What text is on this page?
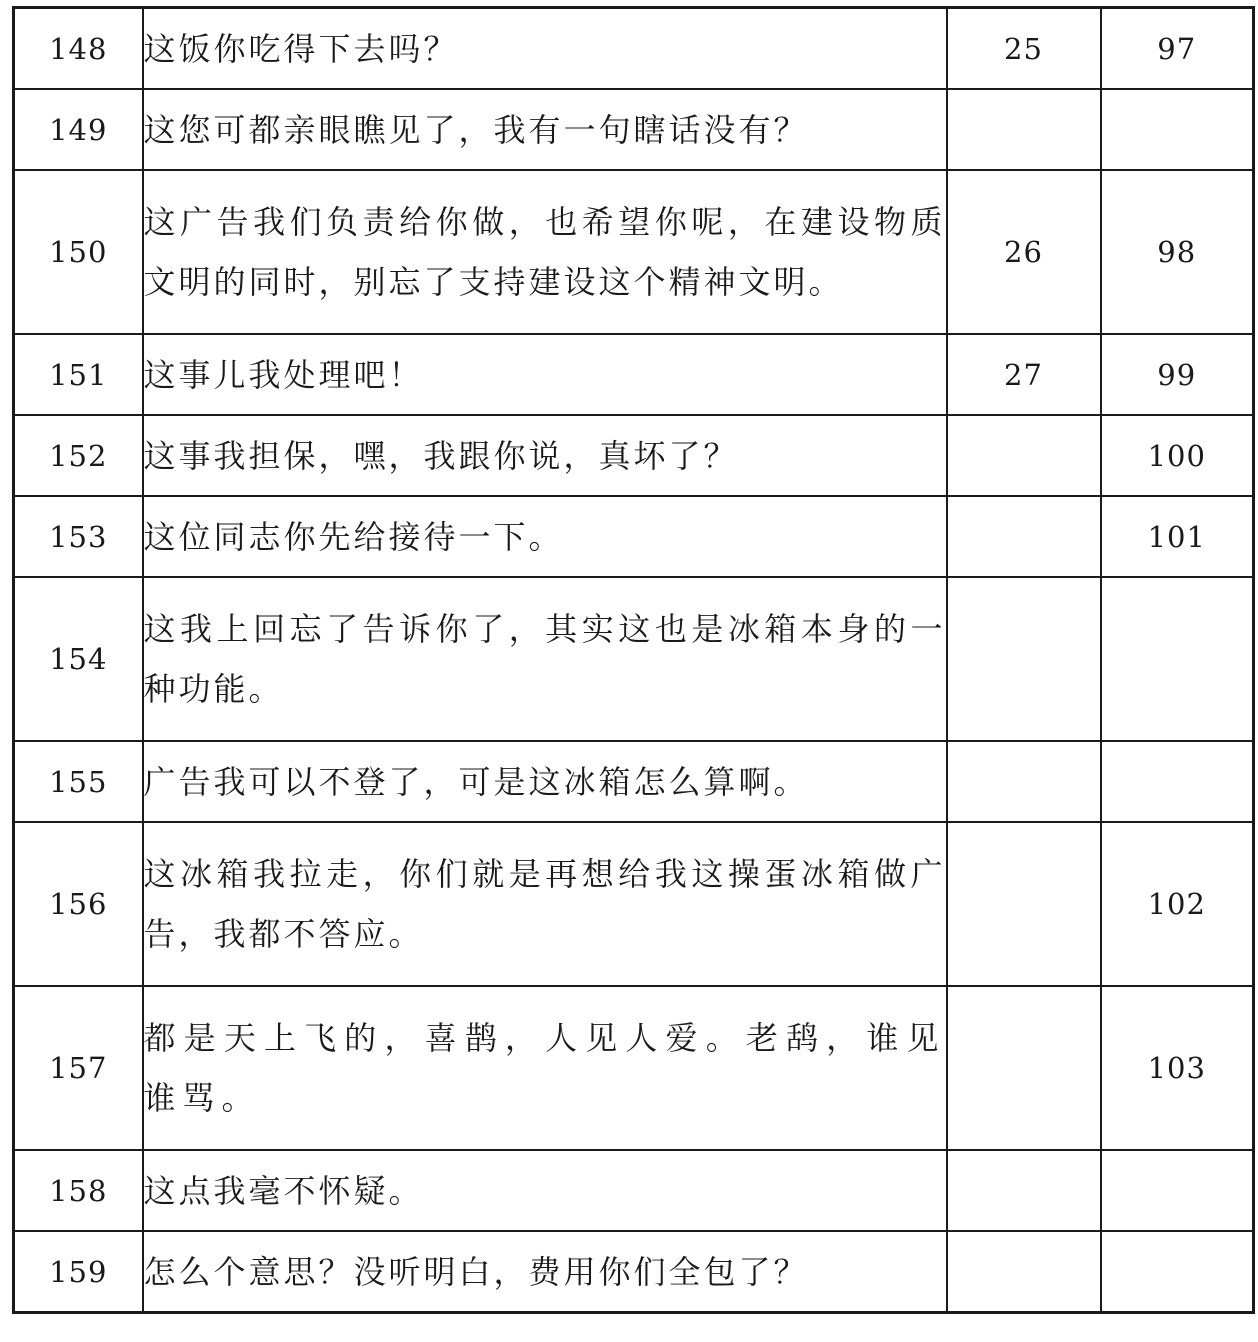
148	这饭你吃得下去吗？	25	97
149	这您可都亲眼瞧见了，我有一句瞎话没有？		
150	这广告我们负责给你做，也希望你呢，在建设物质文明的同时，别忘了支持建设这个精神文明。	26	98
151	这事儿我处理吧！	27	99
152	这事我担保，嘿，我跟你说，真坏了？		100
153	这位同志你先给接待一下。		101
154	这我上回忘了告诉你了，其实这也是冰箱本身的一种功能。		
155	广告我可以不登了，可是这冰箱怎么算啊。		
156	这冰箱我拉走，你们就是再想给我这操蛋冰箱做广告，我都不答应。		102
157	都是天上飞的，喜鹊，人见人爱。老鸹，谁见谁骂。		103
158	这点我毫不怀疑。		
159	怎么个意思？没听明白，费用你们全包了？		
